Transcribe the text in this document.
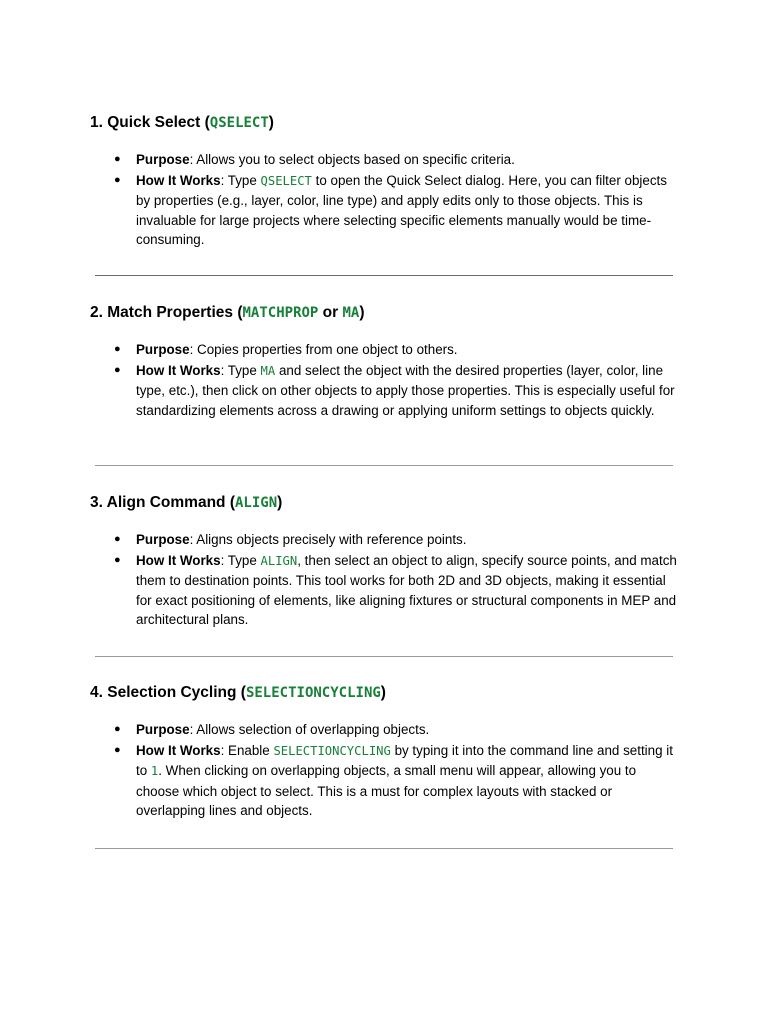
1. Quick Select (QSELECT)
● Purpose: Allows you to select objects based on specific criteria.
● How It Works: Type QSELECT to open the Quick Select dialog. Here, you can filter objects by properties (e.g., layer, color, line type) and apply edits only to those objects. This is invaluable for large projects where selecting specific elements manually would be time-consuming.
2. Match Properties (MATCHPROP or MA)
● Purpose: Copies properties from one object to others.
● How It Works: Type MA and select the object with the desired properties (layer, color, line type, etc.), then click on other objects to apply those properties. This is especially useful for standardizing elements across a drawing or applying uniform settings to objects quickly.
3. Align Command (ALIGN)
● Purpose: Aligns objects precisely with reference points.
● How It Works: Type ALIGN, then select an object to align, specify source points, and match them to destination points. This tool works for both 2D and 3D objects, making it essential for exact positioning of elements, like aligning fixtures or structural components in MEP and architectural plans.
4. Selection Cycling (SELECTIONCYCLING)
● Purpose: Allows selection of overlapping objects.
● How It Works: Enable SELECTIONCYCLING by typing it into the command line and setting it to 1. When clicking on overlapping objects, a small menu will appear, allowing you to choose which object to select. This is a must for complex layouts with stacked or overlapping lines and objects.
